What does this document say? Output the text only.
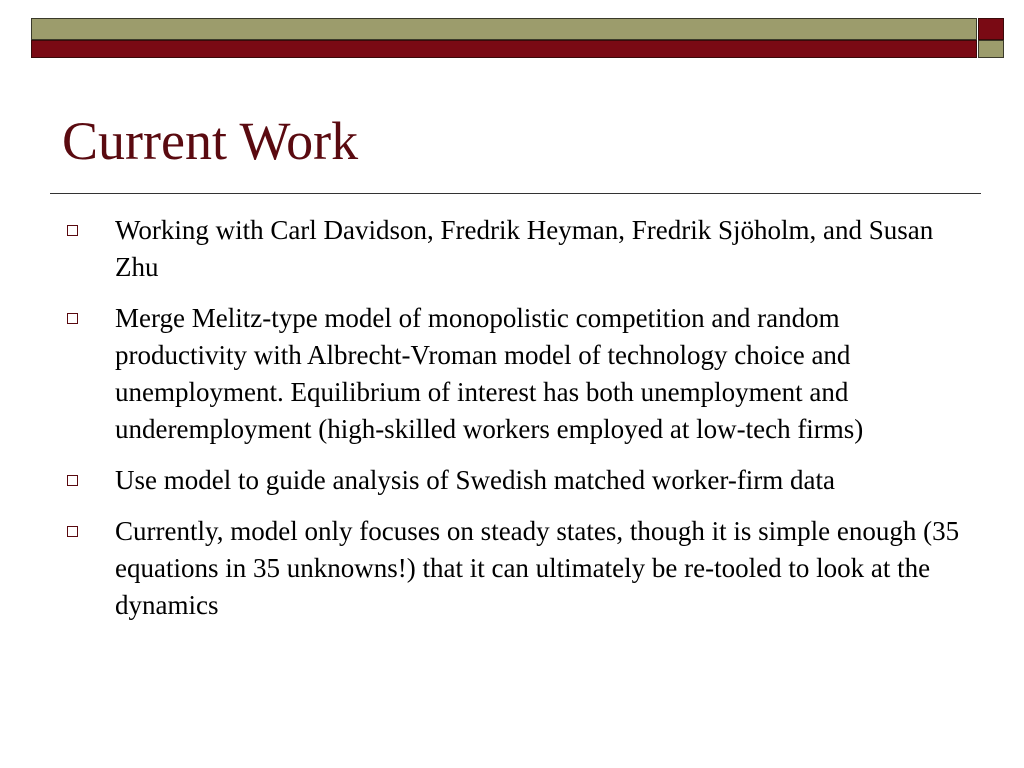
Current Work
Working with Carl Davidson, Fredrik Heyman, Fredrik Sjöholm, and Susan Zhu
Merge Melitz-type model of monopolistic competition and random productivity with Albrecht-Vroman model of technology choice and unemployment. Equilibrium of interest has both unemployment and underemployment (high-skilled workers employed at low-tech firms)
Use model to guide analysis of Swedish matched worker-firm data
Currently, model only focuses on steady states, though it is simple enough (35 equations in 35 unknowns!) that it can ultimately be re-tooled to look at the dynamics
